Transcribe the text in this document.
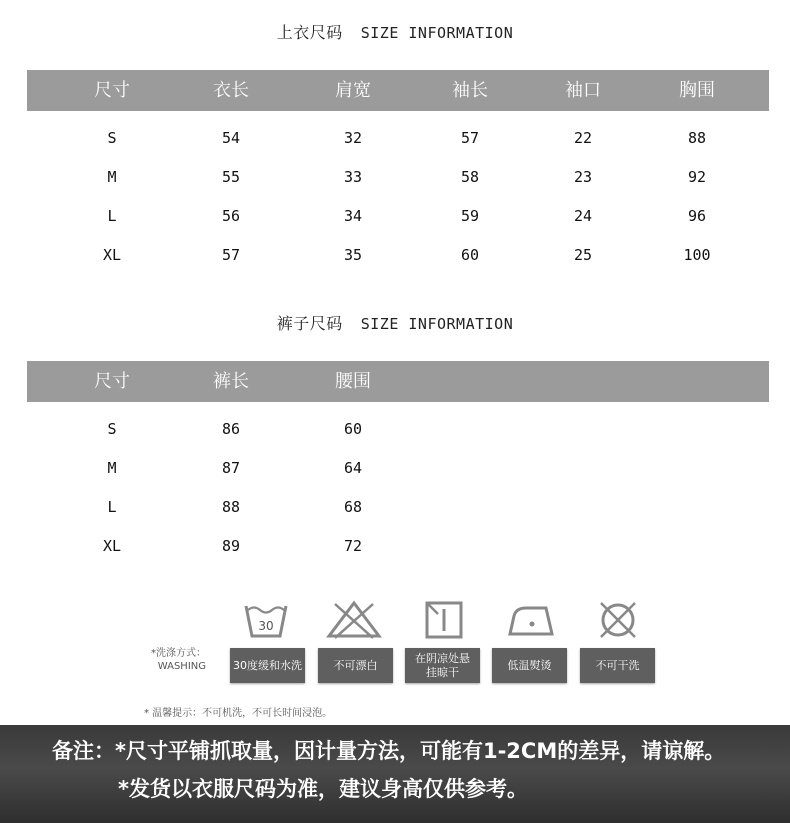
上衣尺码 SIZE INFORMATION
尺寸	衣长	肩宽	袖长	袖口	胸围
S	54	32	57	22	88
M	55	33	58	23	92
L	56	34	59	24	96
XL	57	35	60	25	100
裤子尺码 SIZE INFORMATION
尺寸	裤长	腰围
S	86	60
M	87	64
L	88	68
XL	89	72
30
*洗涤方式：
WASHING 30度缓和水洗	不可漂白
在阴凉处悬挂晾干
低温熨烫	不可干洗
* 温馨提示：不可机洗，不可长时间浸泡。
备注：*尺寸平铺抓取量，因计量方法，可能有1-2CM的差异，请谅解。
*发货以衣服尺码为准，建议身高仅供参考。
